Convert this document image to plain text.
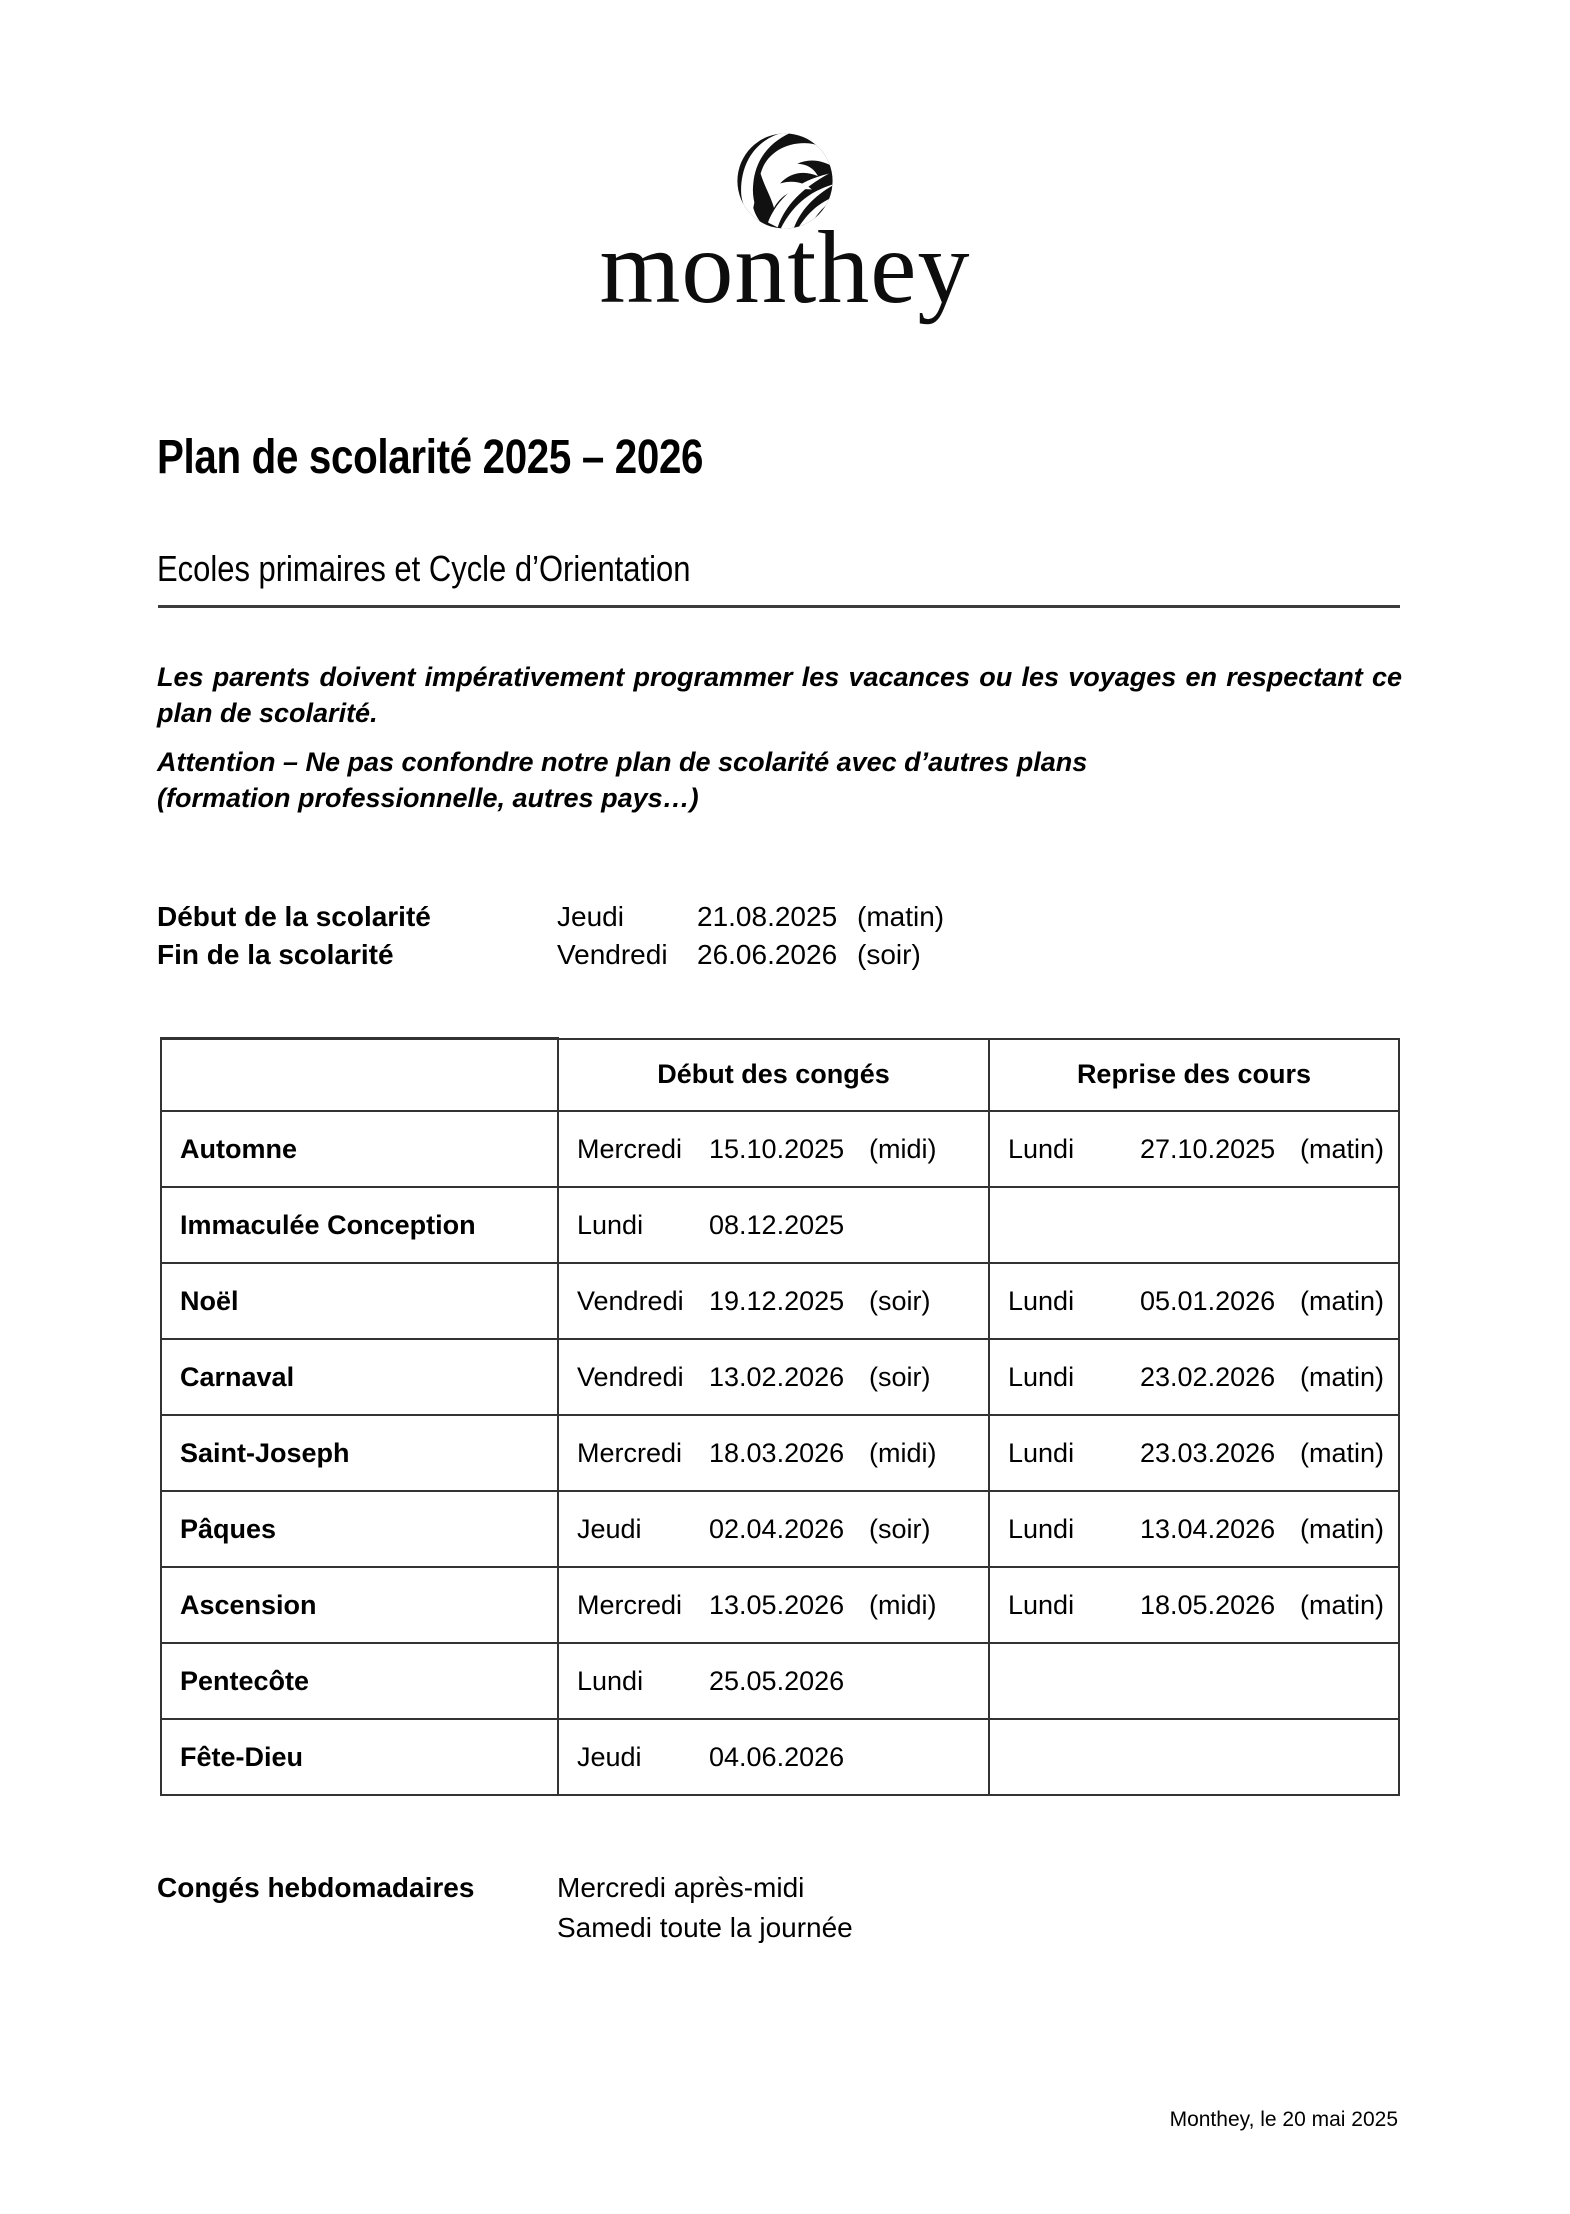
monthey
Plan de scolarité 2025 – 2026
Ecoles primaires et Cycle d’Orientation

Les parents doivent impérativement programmer les vacances ou les voyages en respectant ce plan de scolarité.

Attention – Ne pas confondre notre plan de scolarité avec d’autres plans

(formation professionnelle, autres pays…)

Début de la scolarité	Jeudi	21.08.2025 (matin)
Fin de la scolarité	Vendredi	26.06.2026 (soir)
	Début des congés	Reprise des cours
Automne	Mercredi 15.10.2025 (midi)	Lundi 27.10.2025 (matin)

Immaculée Conception	Lundi 08.12.2025	

Noël	Vendredi 19.12.2025 (soir)	Lundi 05.01.2026 (matin)

Carnaval	Vendredi 13.02.2026 (soir)	Lundi 23.02.2026 (matin)

Saint-Joseph	Mercredi 18.03.2026 (midi)	Lundi 23.03.2026 (matin)

Pâques	Jeudi 02.04.2026 (soir)	Lundi 13.04.2026 (matin)

Ascension	Mercredi 13.05.2026 (midi)	Lundi 18.05.2026 (matin)

Pentecôte	Lundi 25.05.2026	

Fête-Dieu	Jeudi 04.06.2026	

Congés hebdomadaires	Mercredi après-midi
Samedi toute la journée
Monthey, le 20 mai 2025
